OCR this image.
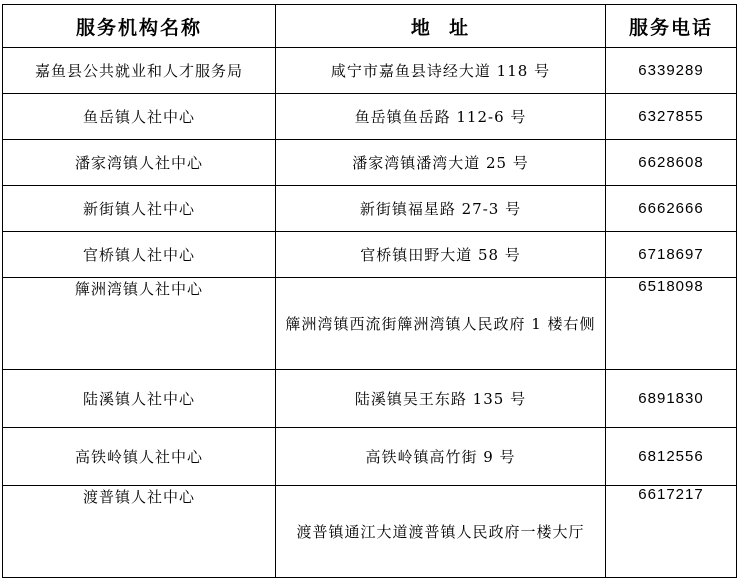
服务机构名称	地  址	服务电话
嘉鱼县公共就业和人才服务局	咸宁市嘉鱼县诗经大道 118 号	6339289
鱼岳镇人社中心	鱼岳镇鱼岳路 112-6 号	6327855
潘家湾镇人社中心	潘家湾镇潘湾大道 25 号	6628608
新街镇人社中心	新街镇福星路 27-3 号	6662666
官桥镇人社中心	官桥镇田野大道 58 号	6718697
簰洲湾镇人社中心	簰洲湾镇西流街簰洲湾镇人民政府 1 楼右侧	6518098
陆溪镇人社中心	陆溪镇吴王东路 135 号	6891830
高铁岭镇人社中心	高铁岭镇高竹街 9 号	6812556
渡普镇人社中心	渡普镇通江大道渡普镇人民政府一楼大厅	6617217
